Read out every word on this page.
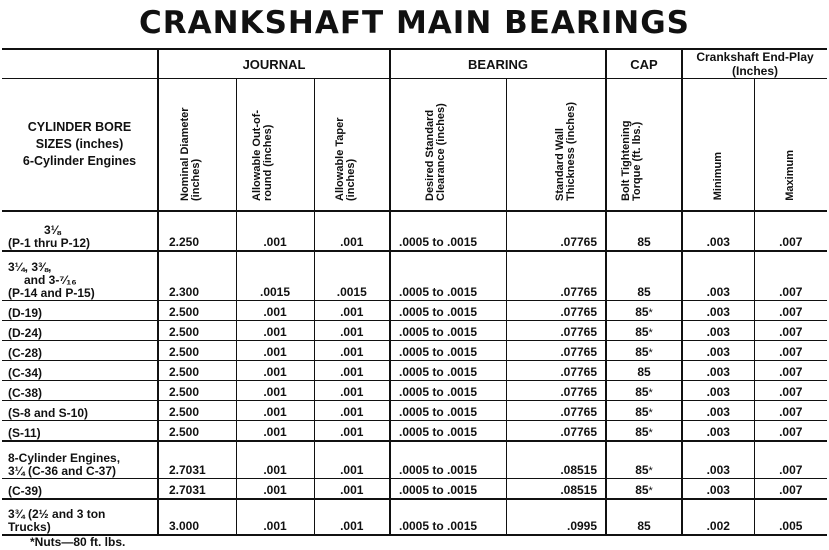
CRANKSHAFT MAIN BEARINGS
	JOURNAL			BEARING		CAP	Crankshaft End-Play
(Inches)	

CYLINDER BORE
SIZES (inches)
6-Cylinder Engines	Nominal Diameter (inches)	Allowable Out-of-round (inches)	Allowable Taper (inches)	Desired Standard Clearance (inches)	Standard Wall Thickness (inches)	Bolt Tightening Torque (ft. lbs.)	Minimum	Maximum

3⅛
(P-1 thru P-12)	2.250	.001	.001	.0005 to .0015	.07765	85	.003	.007

3¼, 3⅜,
and 3-⁷⁄₁₆
(P-14 and P-15)	2.300	.0015	.0015	.0005 to .0015	.07765	85	.003	.007

(D-19)	2.500	.001	.001	.0005 to .0015	.07765	85*	.003	.007

(D-24)	2.500	.001	.001	.0005 to .0015	.07765	85*	.003	.007

(C-28)	2.500	.001	.001	.0005 to .0015	.07765	85*	.003	.007

(C-34)	2.500	.001	.001	.0005 to .0015	.07765	85	.003	.007

(C-38)	2.500	.001	.001	.0005 to .0015	.07765	85*	.003	.007

(S-8 and S-10)	2.500	.001	.001	.0005 to .0015	.07765	85*	.003	.007

(S-11)	2.500	.001	.001	.0005 to .0015	.07765	85*	.003	.007

8-Cylinder Engines,
3¼ (C-36 and C-37)	2.7031	.001	.001	.0005 to .0015	.08515	85*	.003	.007

(C-39)	2.7031	.001	.001	.0005 to .0015	.08515	85*	.003	.007

3¾ (2½ and 3 ton
Trucks)	3.000	.001	.001	.0005 to .0015	.0995	85	.002	.005
*Nuts—80 ft. lbs.
